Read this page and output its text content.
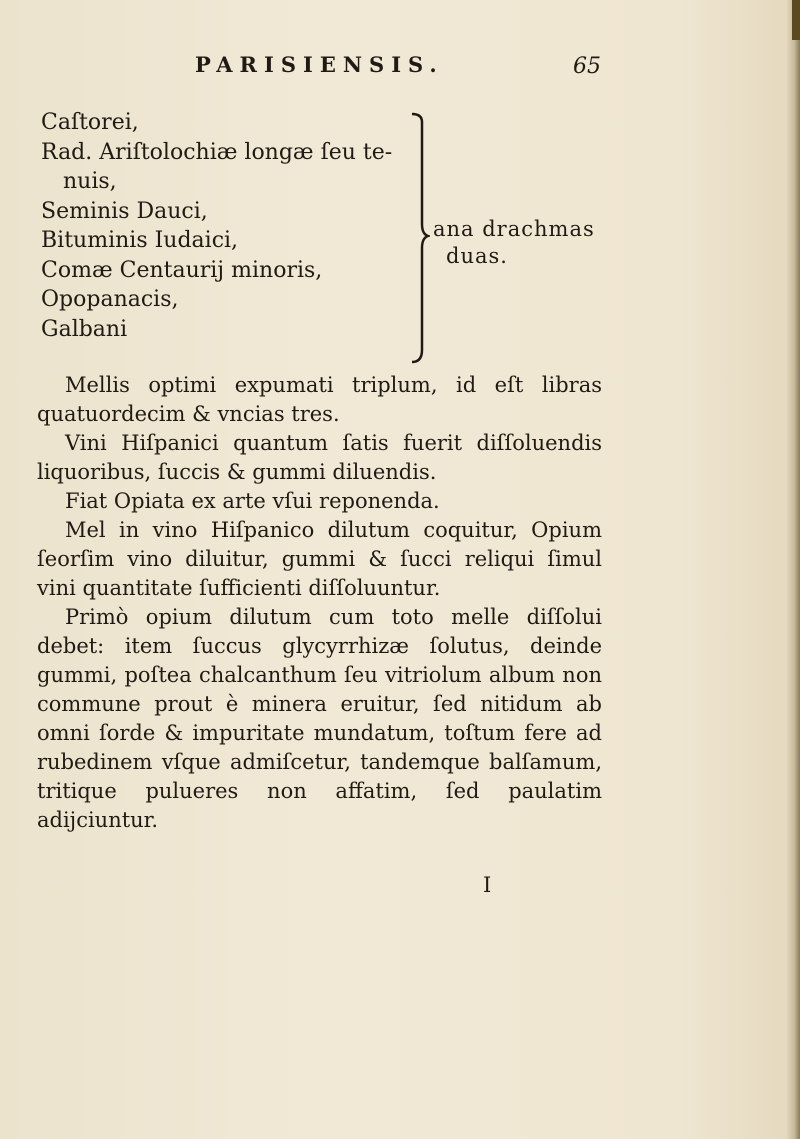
PARISIENSIS.	65
Caſtorei,
Rad. Ariſtolochiæ longæ ſeu te-
nuis,
Seminis Dauci,
Bituminis Iudaici,
Comæ Centaurij minoris,
Opopanacis,
Galbani
ana drachmas
duas.

Mellis optimi expumati triplum, id eſt libras quatuordecim & vncias tres.

Vini Hiſpanici quantum ſatis fuerit diſſoluendis liquoribus, ſuccis & gummi diluendis.

Fiat Opiata ex arte vſui reponenda.

Mel in vino Hiſpanico dilutum coquitur, Opium ſeorſim vino diluitur, gummi & ſucci reliqui ſimul vini quantitate ſufficienti diſſoluuntur.

Primò opium dilutum cum toto melle diſſolui debet: item ſuccus glycyrrhizæ ſolutus, deinde gummi, poſtea chalcanthum ſeu vitriolum album non commune prout è minera eruitur, ſed nitidum ab omni ſorde & impuritate mundatum, toſtum fere ad rubedinem vſque admiſcetur, tandemque balſamum, tritique pulueres non affatim, ſed paulatim adijciuntur.

I
